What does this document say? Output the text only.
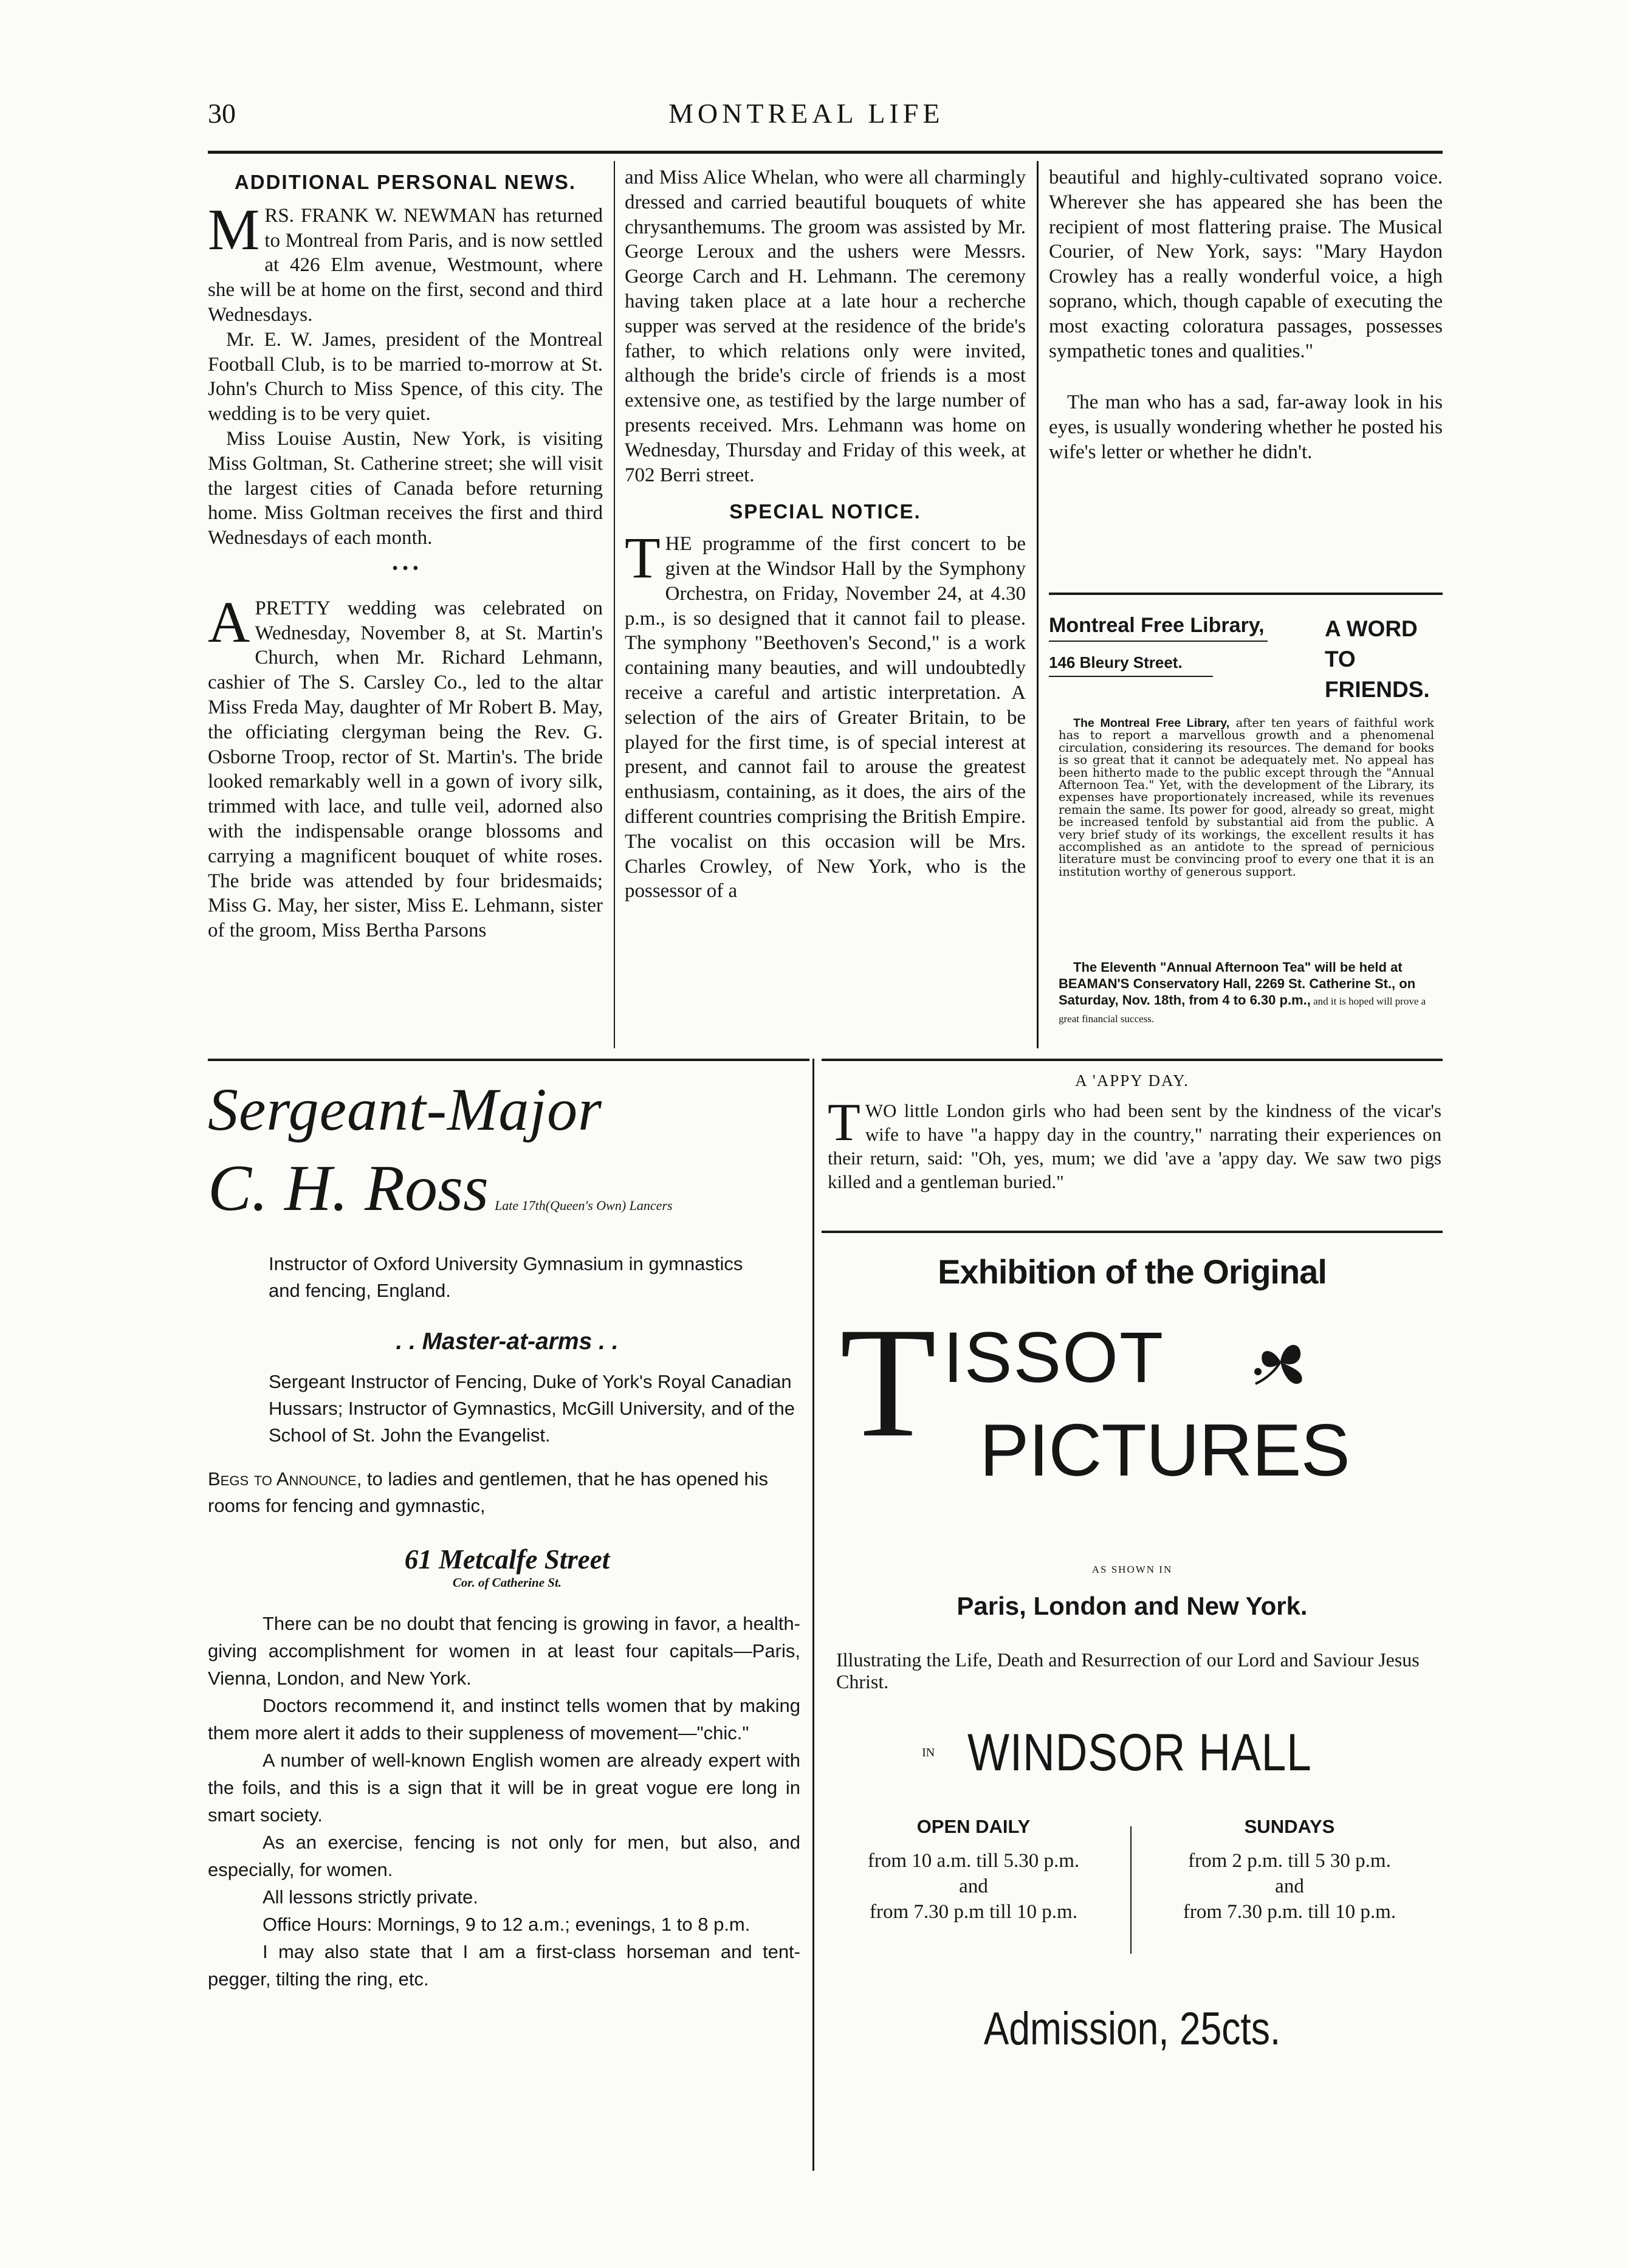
30	MONTREAL LIFE
ADDITIONAL PERSONAL NEWS.

MRS. FRANK W. NEWMAN has returned to Montreal from Paris, and is now settled at 426 Elm avenue, Westmount, where she will be at home on the first, second and third Wednesdays.

Mr. E. W. James, president of the Montreal Football Club, is to be married to-morrow at St. John's Church to Miss Spence, of this city. The wedding is to be very quiet.

Miss Louise Austin, New York, is visiting Miss Goltman, St. Catherine street; she will visit the largest cities of Canada before returning home. Miss Goltman receives the first and third Wednesdays of each month.

• • •

APRETTY wedding was celebrated on Wednesday, November 8, at St. Martin's Church, when Mr. Richard Lehmann, cashier of The S. Carsley Co., led to the altar Miss Freda May, daughter of Mr Robert B. May, the officiating clergyman being the Rev. G. Osborne Troop, rector of St. Martin's. The bride looked remarkably well in a gown of ivory silk, trimmed with lace, and tulle veil, adorned also with the indispensable orange blossoms and carrying a magnificent bouquet of white roses. The bride was attended by four bridesmaids; Miss G. May, her sister, Miss E. Lehmann, sister of the groom, Miss Bertha Parsons

and Miss Alice Whelan, who were all charmingly dressed and carried beautiful bouquets of white chrysanthemums. The groom was assisted by Mr. George Leroux and the ushers were Messrs. George Carch and H. Lehmann. The ceremony having taken place at a late hour a recherche supper was served at the residence of the bride's father, to which relations only were invited, although the bride's circle of friends is a most extensive one, as testified by the large number of presents received. Mrs. Lehmann was home on Wednesday, Thursday and Friday of this week, at 702 Berri street.

SPECIAL NOTICE.

THE programme of the first concert to be given at the Windsor Hall by the Symphony Orchestra, on Friday, November 24, at 4.30 p.m., is so designed that it cannot fail to please. The symphony "Beethoven's Second," is a work containing many beauties, and will undoubtedly receive a careful and artistic interpretation. A selection of the airs of Greater Britain, to be played for the first time, is of special interest at present, and cannot fail to arouse the greatest enthusiasm, containing, as it does, the airs of the different countries comprising the British Empire. The vocalist on this occasion will be Mrs. Charles Crowley, of New York, who is the possessor of a

beautiful and highly-cultivated soprano voice. Wherever she has appeared she has been the recipient of most flattering praise. The Musical Courier, of New York, says: "Mary Haydon Crowley has a really wonderful voice, a high soprano, which, though capable of executing the most exacting coloratura passages, possesses sympathetic tones and qualities."

The man who has a sad, far-away look in his eyes, is usually wondering whether he posted his wife's letter or whether he didn't.

Montreal Free Library,
146 Bleury Street.
A WORD
TO
FRIENDS.
The Montreal Free Library, after ten years of faithful work has to report a marvellous growth and a phenomenal circulation, considering its resources. The demand for books is so great that it cannot be adequately met. No appeal has been hitherto made to the public except through the "Annual Afternoon Tea." Yet, with the development of the Library, its expenses have proportionately increased, while its revenues remain the same. Its power for good, already so great, might be increased tenfold by substantial aid from the public. A very brief study of its workings, the excellent results it has accomplished as an antidote to the spread of pernicious literature must be convincing proof to every one that it is an institution worthy of generous support.
The Eleventh "Annual Afternoon Tea" will be held at BEAMAN'S Conservatory Hall, 2269 St. Catherine St., on Saturday, Nov. 18th, from 4 to 6.30 p.m., and it is hoped will prove a great financial success.
Sergeant-Major
C. H. Ross Late 17th(Queen's Own) Lancers
Instructor of Oxford University Gymnasium in gymnastics and fencing, England.
. . Master-at-arms . .
Sergeant Instructor of Fencing, Duke of York's Royal Canadian Hussars; Instructor of Gymnastics, McGill University, and of the School of St. John the Evangelist.
Begs to Announce, to ladies and gentlemen, that he has opened his rooms for fencing and gymnastic,
61 Metcalfe Street
Cor. of Catherine St.

There can be no doubt that fencing is growing in favor, a health-giving accomplishment for women in at least four capitals—Paris, Vienna, London, and New York.

Doctors recommend it, and instinct tells women that by making them more alert it adds to their suppleness of movement—"chic."

A number of well-known English women are already expert with the foils, and this is a sign that it will be in great vogue ere long in smart society.

As an exercise, fencing is not only for men, but also, and especially, for women.

All lessons strictly private.

Office Hours: Mornings, 9 to 12 a.m.; evenings, 1 to 8 p.m.

I may also state that I am a first-class horseman and tent-pegger, tilting the ring, etc.

A 'APPY DAY.

TWO little London girls who had been sent by the kindness of the vicar's wife to have "a happy day in the country," narrating their experiences on their return, said: "Oh, yes, mum; we did 'ave a 'appy day. We saw two pigs killed and a gentleman buried."

Exhibition of the Original
T ISSOT
PICTURES
AS SHOWN IN
Paris, London and New York.
Illustrating the Life, Death and Resurrection of our Lord and Saviour Jesus Christ.
IN WINDSOR HALL
OPEN DAILY
from 10 a.m. till 5.30 p.m.
and
from 7.30 p.m till 10 p.m.
SUNDAYS
from 2 p.m. till 5 30 p.m.
and
from 7.30 p.m. till 10 p.m.
Admission, 25cts.
